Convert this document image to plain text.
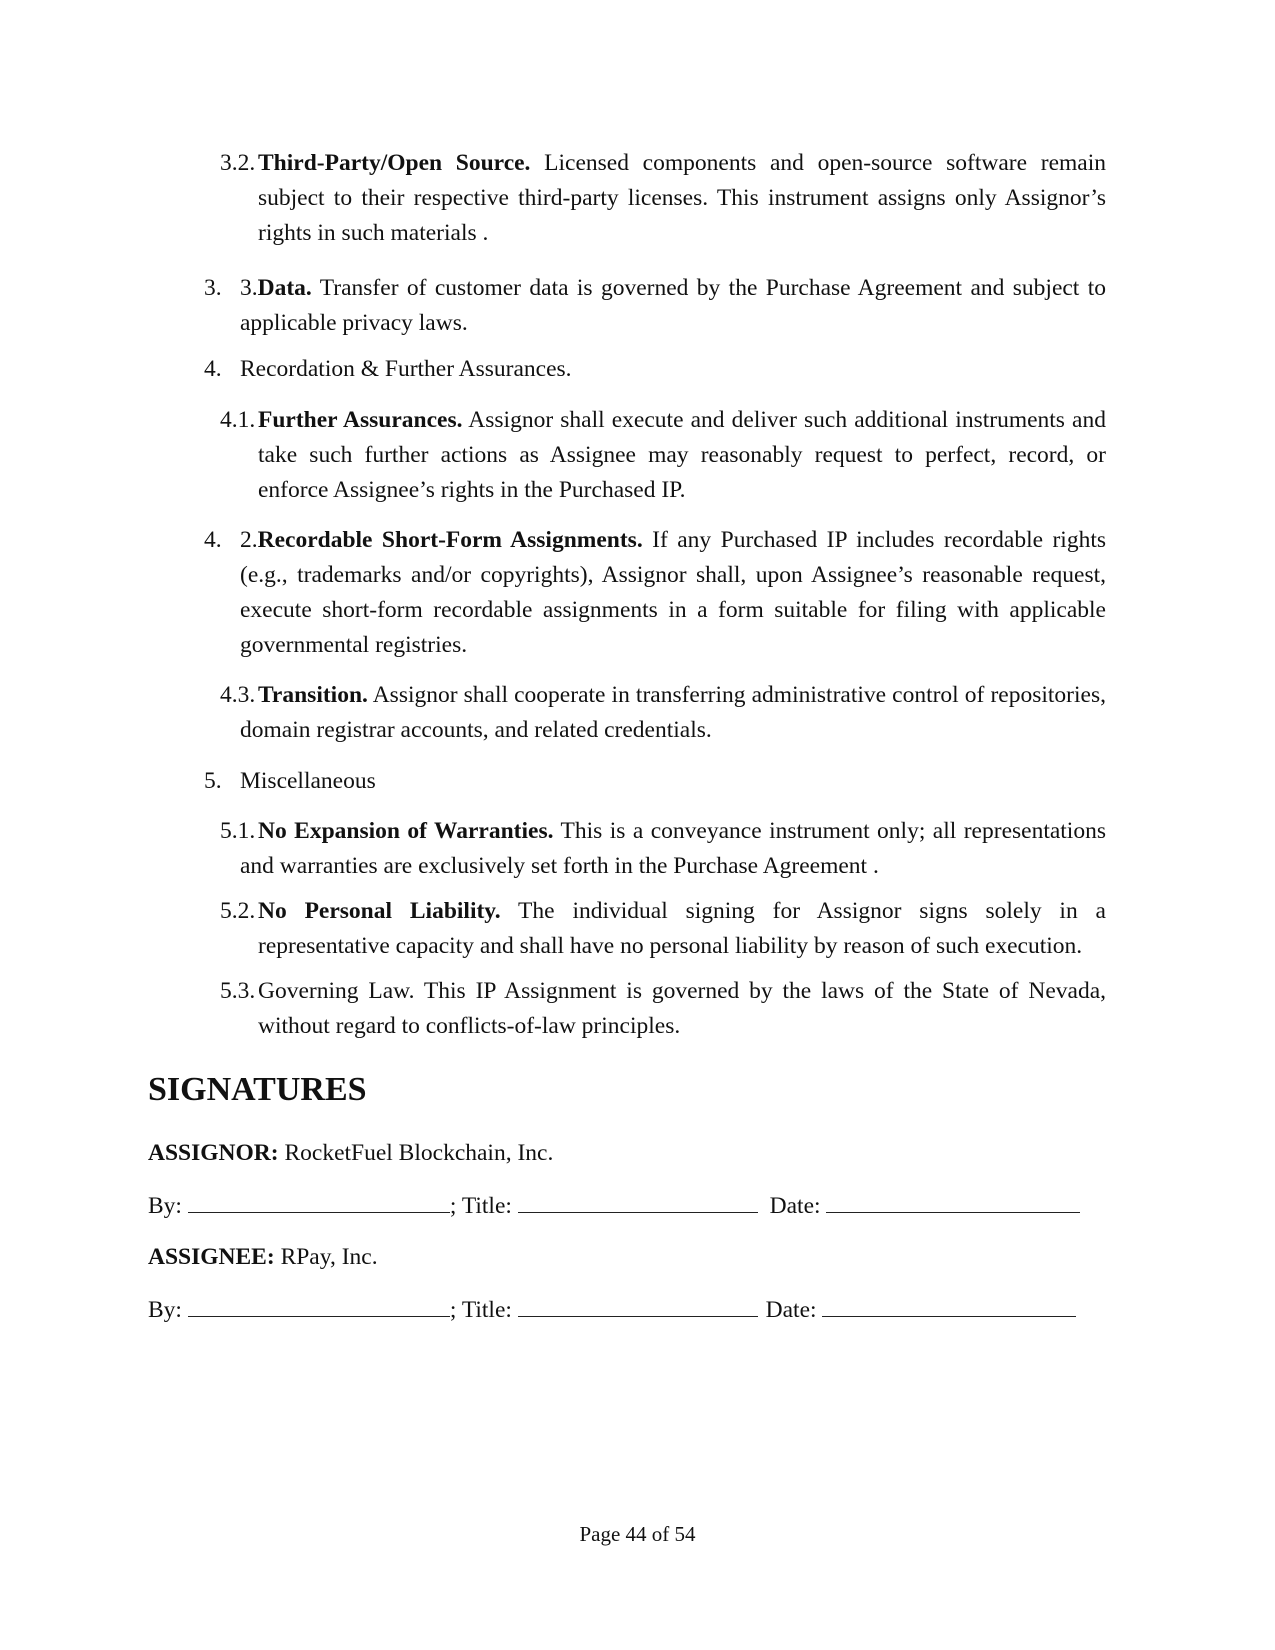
3.2. Third-Party/Open Source. Licensed components and open-source software remain subject to their respective third-party licenses. This instrument assigns only Assignor’s rights in such materials .
3. 3.Data. Transfer of customer data is governed by the Purchase Agreement and subject to applicable privacy laws.
4. Recordation & Further Assurances.
4.1. Further Assurances. Assignor shall execute and deliver such additional instruments and take such further actions as Assignee may reasonably request to perfect, record, or enforce Assignee’s rights in the Purchased IP.
4. 2.Recordable Short-Form Assignments. If any Purchased IP includes recordable rights (e.g., trademarks and/or copyrights), Assignor shall, upon Assignee’s reasonable request, execute short-form recordable assignments in a form suitable for filing with applicable governmental registries.
4.3. Transition. Assignor shall cooperate in transferring administrative control of repositories, domain registrar accounts, and related credentials.
5. Miscellaneous
5.1. No Expansion of Warranties. This is a conveyance instrument only; all representations and warranties are exclusively set forth in the Purchase Agreement .
5.2. No Personal Liability. The individual signing for Assignor signs solely in a representative capacity and shall have no personal liability by reason of such execution.
5.3. Governing Law. This IP Assignment is governed by the laws of the State of Nevada, without regard to conflicts-of-law principles.
SIGNATURES
ASSIGNOR: RocketFuel Blockchain, Inc.
By:	; Title:	Date:
ASSIGNEE: RPay, Inc.
By:	; Title:	Date:
Page 44 of 54
